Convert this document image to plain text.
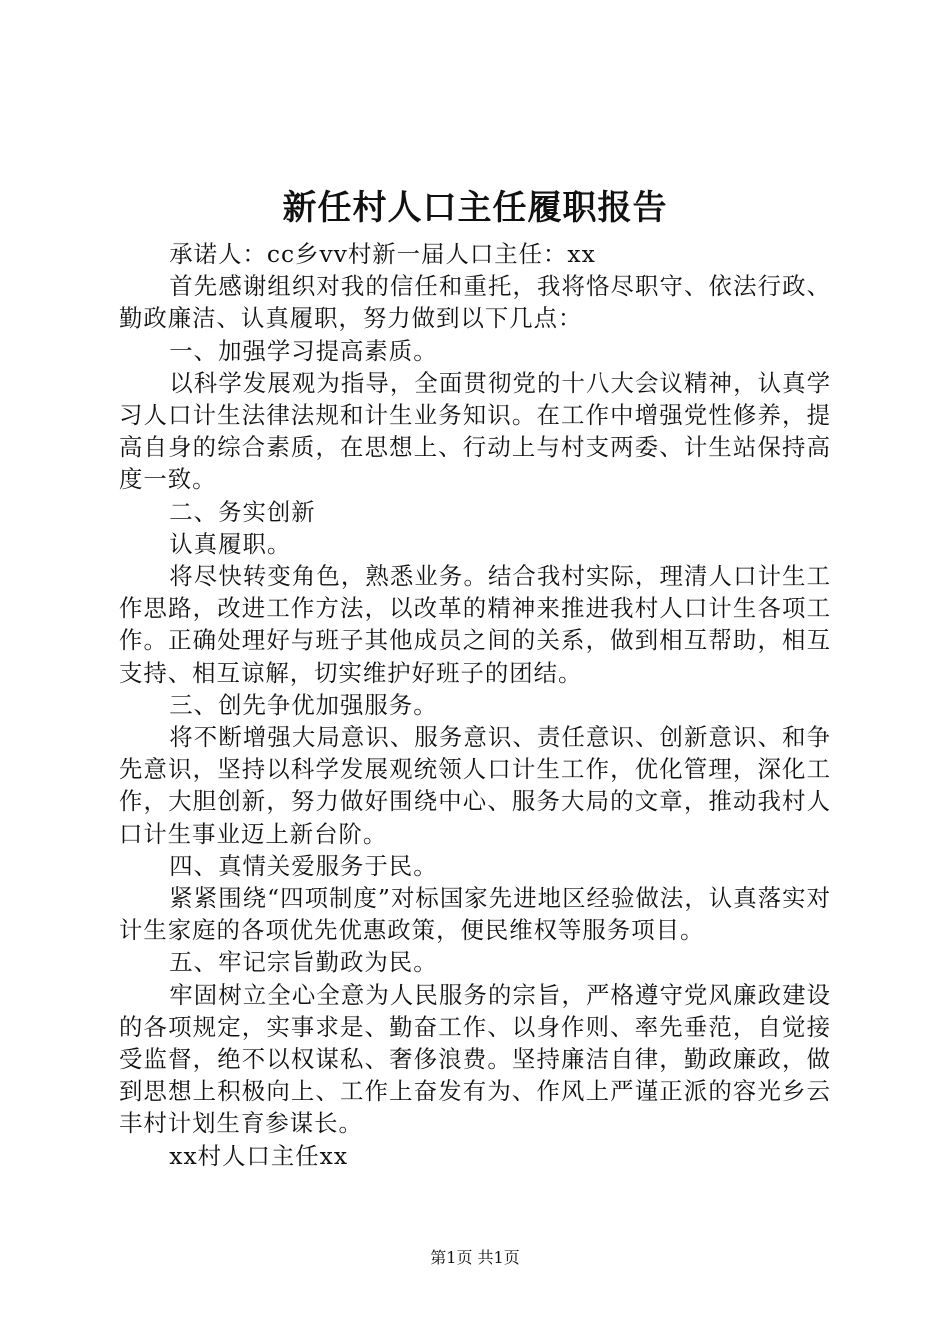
新任村人口主任履职报告

承诺人：cc乡vv村新一届人口主任：xx

首先感谢组织对我的信任和重托，我将恪尽职守、依法行政、勤政廉洁、认真履职，努力做到以下几点：

一、加强学习提高素质。

以科学发展观为指导，全面贯彻党的十八大会议精神，认真学习人口计生法律法规和计生业务知识。在工作中增强党性修养，提高自身的综合素质，在思想上、行动上与村支两委、计生站保持高度一致。

二、务实创新

认真履职。

将尽快转变角色，熟悉业务。结合我村实际，理清人口计生工作思路，改进工作方法，以改革的精神来推进我村人口计生各项工作。正确处理好与班子其他成员之间的关系，做到相互帮助，相互支持、相互谅解，切实维护好班子的团结。

三、创先争优加强服务。

将不断增强大局意识、服务意识、责任意识、创新意识、和争先意识，坚持以科学发展观统领人口计生工作，优化管理，深化工作，大胆创新，努力做好围绕中心、服务大局的文章，推动我村人口计生事业迈上新台阶。

四、真情关爱服务于民。

紧紧围绕“四项制度”对标国家先进地区经验做法，认真落实对计生家庭的各项优先优惠政策，便民维权等服务项目。

五、牢记宗旨勤政为民。

牢固树立全心全意为人民服务的宗旨，严格遵守党风廉政建设的各项规定，实事求是、勤奋工作、以身作则、率先垂范，自觉接受监督，绝不以权谋私、奢侈浪费。坚持廉洁自律，勤政廉政，做到思想上积极向上、工作上奋发有为、作风上严谨正派的容光乡云丰村计划生育参谋长。

xx村人口主任xx

第1页 共1页
